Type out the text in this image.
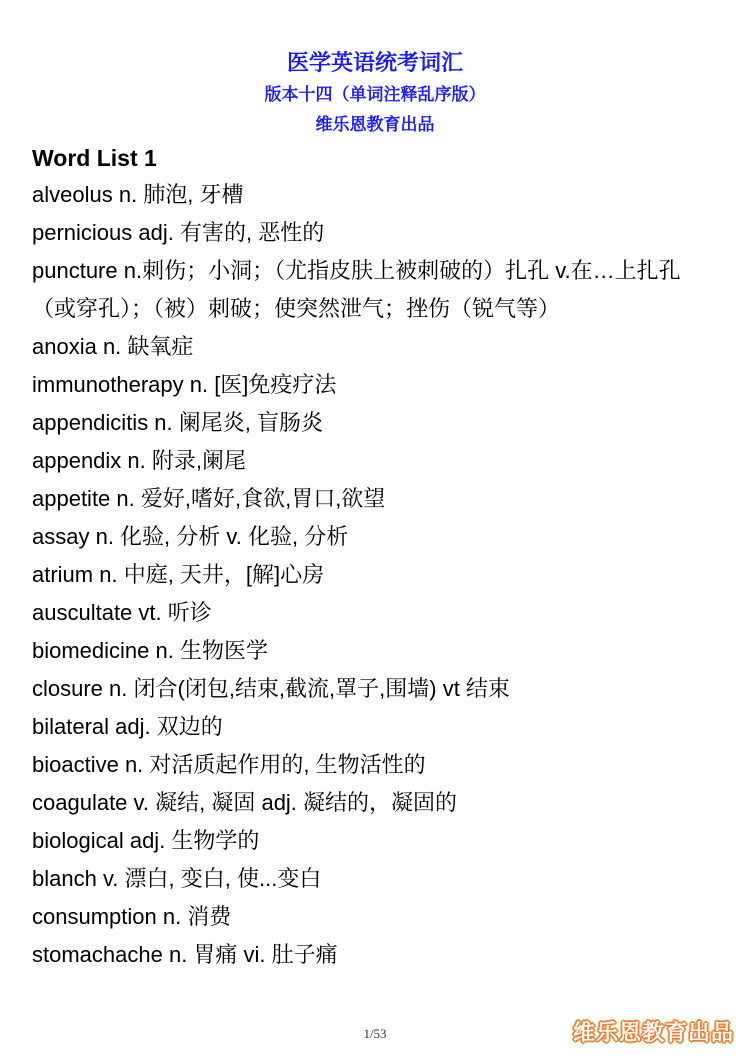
医学英语统考词汇
版本十四（单词注释乱序版）
维乐恩教育出品
Word List 1

alveolus n. 肺泡, 牙槽

pernicious adj. 有害的, 恶性的

puncture n.刺伤；小洞；（尤指皮肤上被刺破的）扎孔 v.在…上扎孔（或穿孔）；（被）刺破；使突然泄气；挫伤（锐气等）

anoxia n. 缺氧症

immunotherapy n. [医]免疫疗法

appendicitis n. 阑尾炎, 盲肠炎

appendix n. 附录,阑尾

appetite n. 爱好,嗜好,食欲,胃口,欲望

assay n. 化验, 分析 v. 化验, 分析

atrium n. 中庭, 天井，[解]心房

auscultate vt. 听诊

biomedicine n. 生物医学

closure n. 闭合(闭包,结束,截流,罩子,围墙) vt 结束

bilateral adj. 双边的

bioactive n. 对活质起作用的, 生物活性的

coagulate v. 凝结, 凝固 adj. 凝结的，凝固的

biological adj. 生物学的

blanch v. 漂白, 变白, 使...变白

consumption n. 消费

stomachache n. 胃痛 vi. 肚子痛

1/53	维乐恩教育出品
